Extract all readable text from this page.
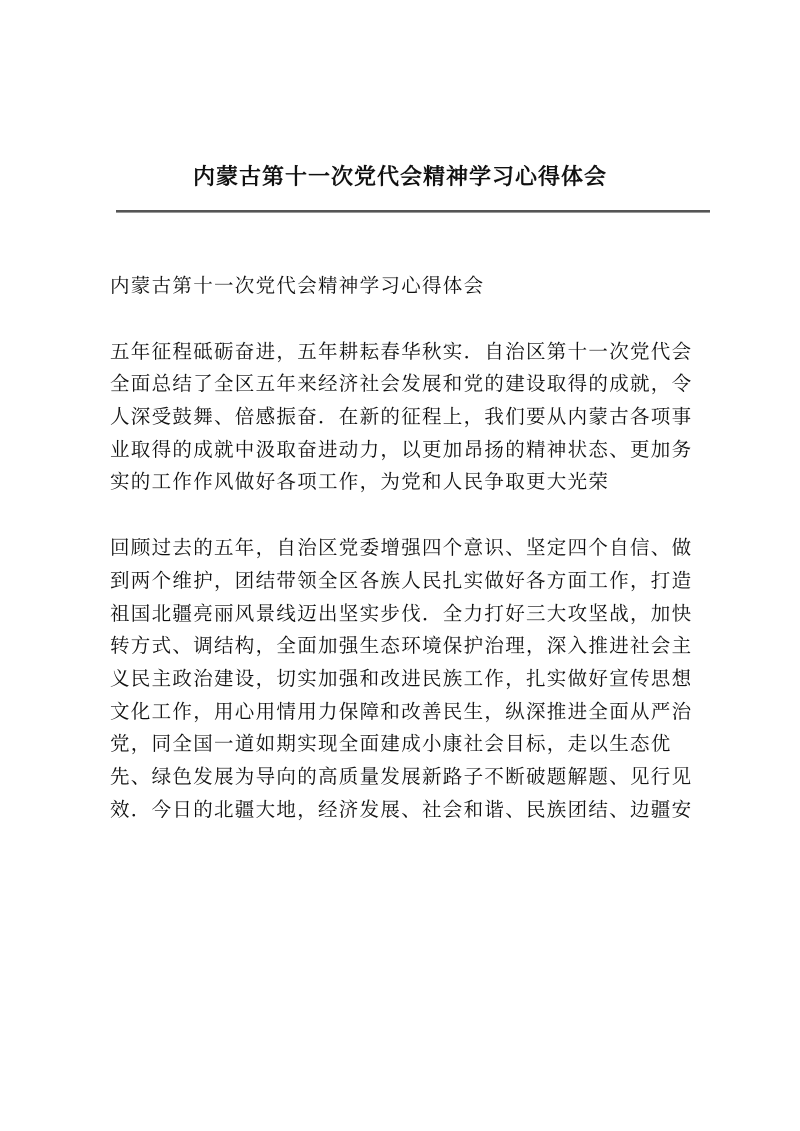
内蒙古第十一次党代会精神学习心得体会

内蒙古第十一次党代会精神学习心得体会

五年征程砥砺奋进，五年耕耘春华秋实．自治区第十一次党代会
全面总结了全区五年来经济社会发展和党的建设取得的成就，令
人深受鼓舞、倍感振奋．在新的征程上，我们要从内蒙古各项事
业取得的成就中汲取奋进动力，以更加昂扬的精神状态、更加务
实的工作作风做好各项工作，为党和人民争取更大光荣

回顾过去的五年，自治区党委增强四个意识、坚定四个自信、做
到两个维护，团结带领全区各族人民扎实做好各方面工作，打造
祖国北疆亮丽风景线迈出坚实步伐．全力打好三大攻坚战，加快
转方式、调结构，全面加强生态环境保护治理，深入推进社会主
义民主政治建设，切实加强和改进民族工作，扎实做好宣传思想
文化工作，用心用情用力保障和改善民生，纵深推进全面从严治
党，同全国一道如期实现全面建成小康社会目标，走以生态优
先、绿色发展为导向的高质量发展新路子不断破题解题、见行见
效．今日的北疆大地，经济发展、社会和谐、民族团结、边疆安
